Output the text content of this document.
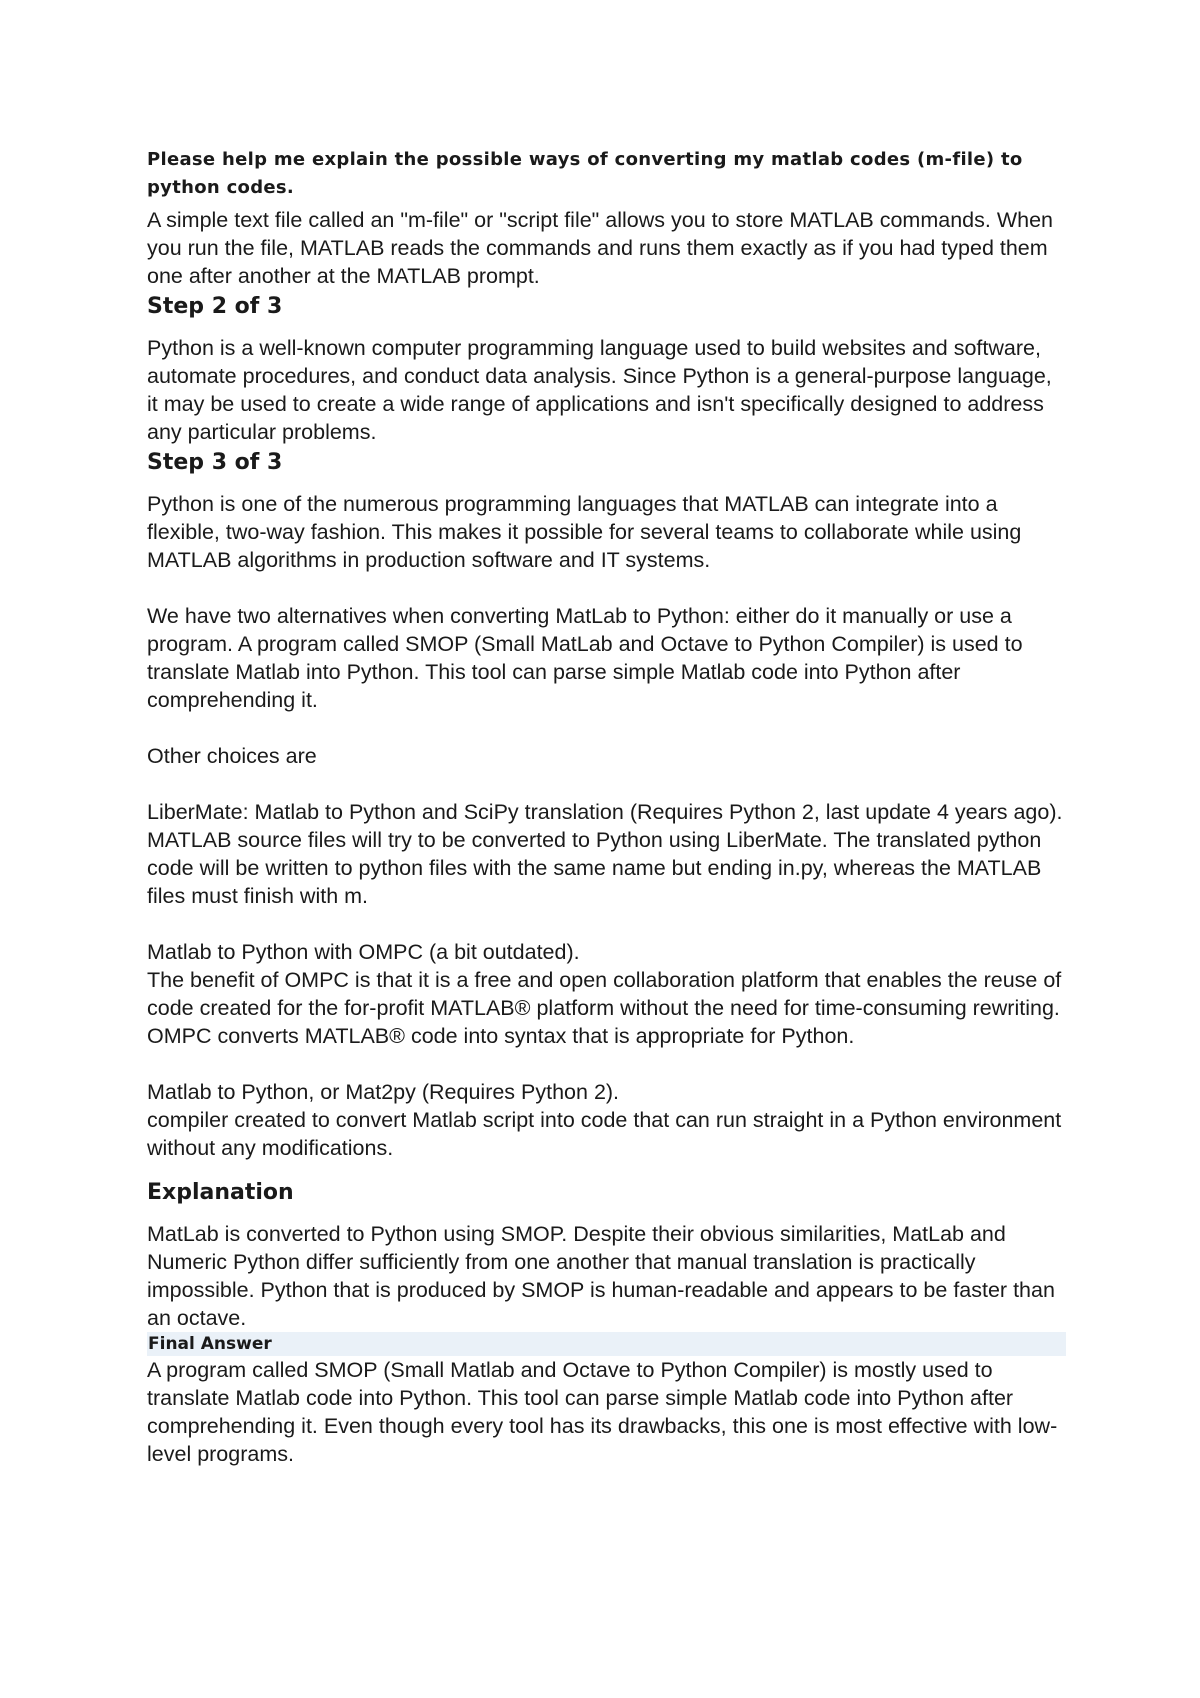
Please help me explain the possible ways of converting my matlab codes (m-file) to python codes.

A simple text file called an "m-file" or "script file" allows you to store MATLAB commands. When you run the file, MATLAB reads the commands and runs them exactly as if you had typed them one after another at the MATLAB prompt.

Step 2 of 3

Python is a well-known computer programming language used to build websites and software, automate procedures, and conduct data analysis. Since Python is a general-purpose language, it may be used to create a wide range of applications and isn't specifically designed to address any particular problems.

Step 3 of 3

Python is one of the numerous programming languages that MATLAB can integrate into a flexible, two-way fashion. This makes it possible for several teams to collaborate while using MATLAB algorithms in production software and IT systems.

We have two alternatives when converting MatLab to Python: either do it manually or use a program. A program called SMOP (Small MatLab and Octave to Python Compiler) is used to translate Matlab into Python. This tool can parse simple Matlab code into Python after comprehending it.

Other choices are

LiberMate: Matlab to Python and SciPy translation (Requires Python 2, last update 4 years ago).

MATLAB source files will try to be converted to Python using LiberMate. The translated python code will be written to python files with the same name but ending in.py, whereas the MATLAB files must finish with m.

Matlab to Python with OMPC (a bit outdated).

The benefit of OMPC is that it is a free and open collaboration platform that enables the reuse of code created for the for-profit MATLAB® platform without the need for time-consuming rewriting. OMPC converts MATLAB® code into syntax that is appropriate for Python.

Matlab to Python, or Mat2py (Requires Python 2).

compiler created to convert Matlab script into code that can run straight in a Python environment without any modifications.

Explanation

MatLab is converted to Python using SMOP. Despite their obvious similarities, MatLab and Numeric Python differ sufficiently from one another that manual translation is practically impossible. Python that is produced by SMOP is human-readable and appears to be faster than an octave.

Final Answer

A program called SMOP (Small Matlab and Octave to Python Compiler) is mostly used to translate Matlab code into Python. This tool can parse simple Matlab code into Python after comprehending it. Even though every tool has its drawbacks, this one is most effective with low-level programs.
